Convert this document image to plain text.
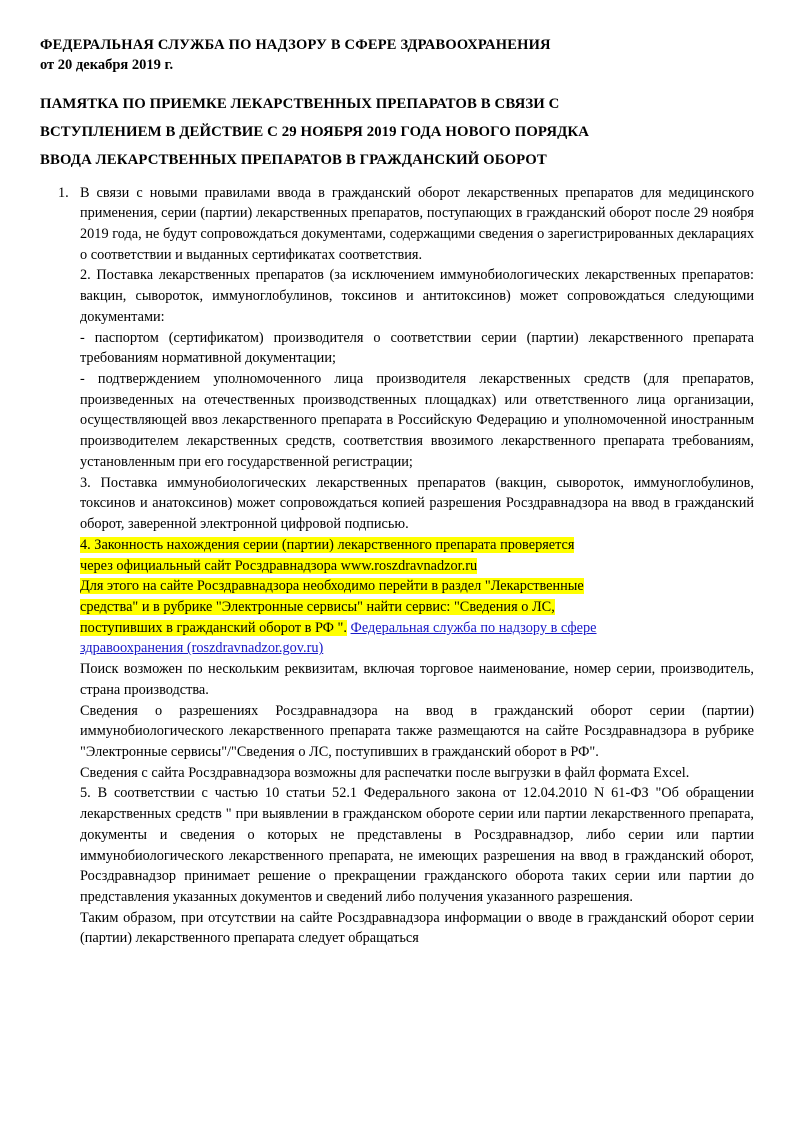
ФЕДЕРАЛЬНАЯ СЛУЖБА ПО НАДЗОРУ В СФЕРЕ ЗДРАВООХРАНЕНИЯ
от 20 декабря 2019 г.
ПАМЯТКА ПО ПРИЕМКЕ ЛЕКАРСТВЕННЫХ ПРЕПАРАТОВ В СВЯЗИ С
ВСТУПЛЕНИЕМ В ДЕЙСТВИЕ С 29 НОЯБРЯ 2019 ГОДА НОВОГО ПОРЯДКА
ВВОДА ЛЕКАРСТВЕННЫХ ПРЕПАРАТОВ В ГРАЖДАНСКИЙ ОБОРОТ
1. В связи с новыми правилами ввода в гражданский оборот лекарственных препаратов для медицинского применения, серии (партии) лекарственных препаратов, поступающих в гражданский оборот после 29 ноября 2019 года, не будут сопровождаться документами, содержащими сведения о зарегистрированных декларациях о соответствии и выданных сертификатах соответствия.

2. Поставка лекарственных препаратов (за исключением иммунобиологических лекарственных препаратов: вакцин, сывороток, иммуноглобулинов, токсинов и антитоксинов) может сопровождаться следующими документами:

- паспортом (сертификатом) производителя о соответствии серии (партии) лекарственного препарата требованиям нормативной документации;

- подтверждением уполномоченного лица производителя лекарственных средств (для препаратов, произведенных на отечественных производственных площадках) или ответственного лица организации, осуществляющей ввоз лекарственного препарата в Российскую Федерацию и уполномоченной иностранным производителем лекарственных средств, соответствия ввозимого лекарственного препарата требованиям, установленным при его государственной регистрации;

3. Поставка иммунобиологических лекарственных препаратов (вакцин, сывороток, иммуноглобулинов, токсинов и анатоксинов) может сопровождаться копией разрешения Росздравнадзора на ввод в гражданский оборот, заверенной электронной цифровой подписью.

4. Законность нахождения серии (партии) лекарственного препарата проверяется
через официальный сайт Росздравнадзора www.roszdravnadzor.ru
Для этого на сайте Росздравнадзора необходимо перейти в раздел "Лекарственные
средства" и в рубрике "Электронные сервисы" найти сервис: "Сведения о ЛС,
поступивших в гражданский оборот в РФ ". Федеральная служба по надзору в сфере
здравоохранения (roszdravnadzor.gov.ru)

Поиск возможен по нескольким реквизитам, включая торговое наименование, номер серии, производитель, страна производства.

Сведения о разрешениях Росздравнадзора на ввод в гражданский оборот серии (партии) иммунобиологического лекарственного препарата также размещаются на сайте Росздравнадзора в рубрике "Электронные сервисы"/"Сведения о ЛС, поступивших в гражданский оборот в РФ".

Сведения с сайта Росздравнадзора возможны для распечатки после выгрузки в файл формата Excel.

5. В соответствии с частью 10 статьи 52.1 Федерального закона от 12.04.2010 N 61-ФЗ "Об обращении лекарственных средств " при выявлении в гражданском обороте серии или партии лекарственного препарата, документы и сведения о которых не представлены в Росздравнадзор, либо серии или партии иммунобиологического лекарственного препарата, не имеющих разрешения на ввод в гражданский оборот, Росздравнадзор принимает решение о прекращении гражданского оборота таких серии или партии до представления указанных документов и сведений либо получения указанного разрешения.

Таким образом, при отсутствии на сайте Росздравнадзора информации о вводе в гражданский оборот серии (партии) лекарственного препарата следует обращаться
